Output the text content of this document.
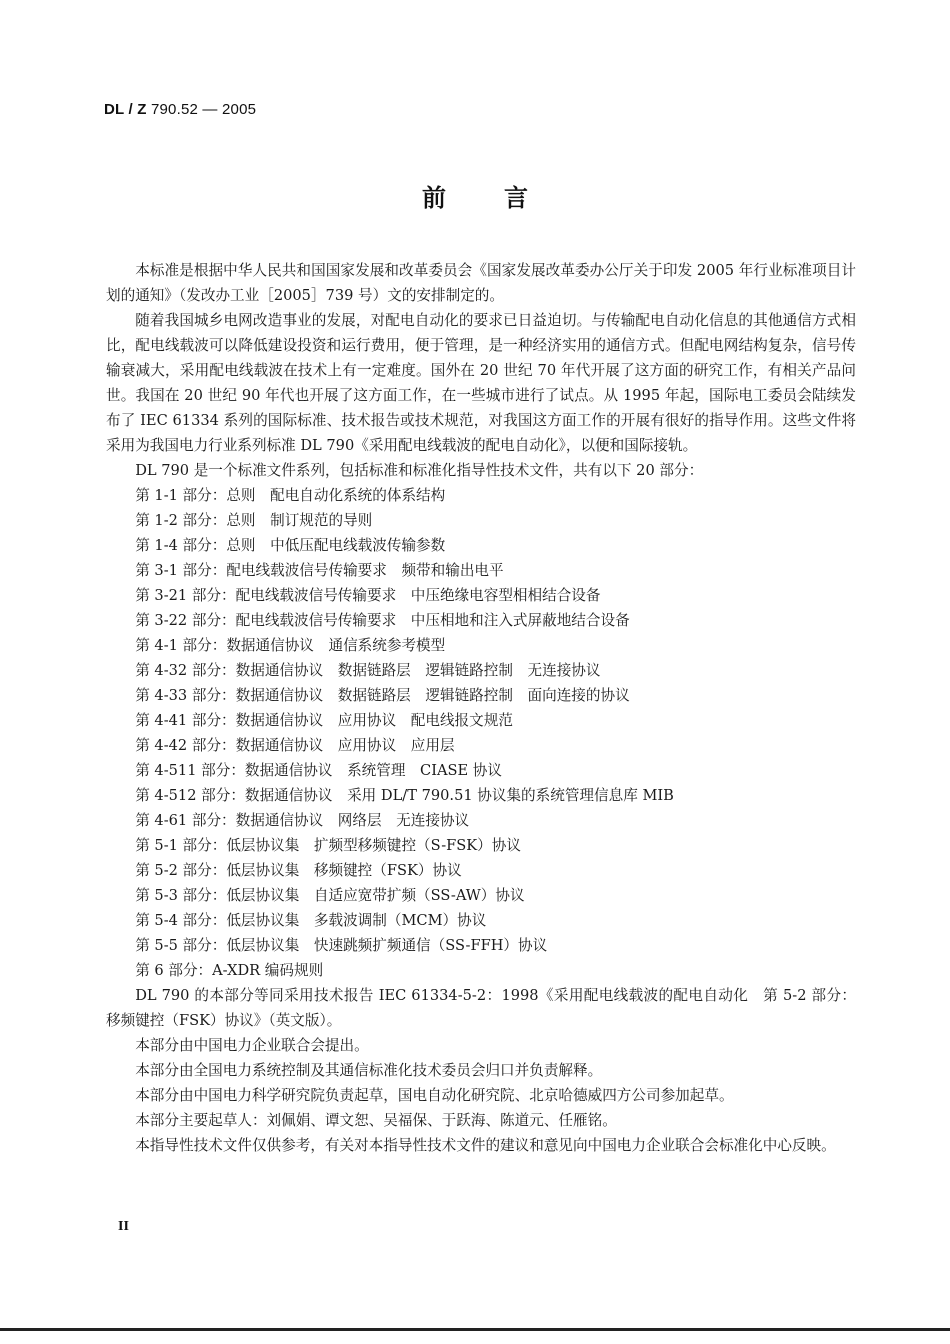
DL / Z 790.52 — 2005
前言

本标准是根据中华人民共和国国家发展和改革委员会《国家发展改革委办公厅关于印发 2005 年行业标准项目计划的通知》（发改办工业［2005］739 号）文的安排制定的。

随着我国城乡电网改造事业的发展，对配电自动化的要求已日益迫切。与传输配电自动化信息的其他通信方式相比，配电线载波可以降低建设投资和运行费用，便于管理，是一种经济实用的通信方式。但配电网结构复杂，信号传输衰减大，采用配电线载波在技术上有一定难度。国外在 20 世纪 70 年代开展了这方面的研究工作，有相关产品问世。我国在 20 世纪 90 年代也开展了这方面工作，在一些城市进行了试点。从 1995 年起，国际电工委员会陆续发布了 IEC 61334 系列的国际标准、技术报告或技术规范，对我国这方面工作的开展有很好的指导作用。这些文件将采用为我国电力行业系列标准 DL 790《采用配电线载波的配电自动化》，以便和国际接轨。

DL 790 是一个标准文件系列，包括标准和标准化指导性技术文件，共有以下 20 部分：

第 1-1 部分：总则　配电自动化系统的体系结构
第 1-2 部分：总则　制订规范的导则
第 1-4 部分：总则　中低压配电线载波传输参数
第 3-1 部分：配电线载波信号传输要求　频带和输出电平
第 3-21 部分：配电线载波信号传输要求　中压绝缘电容型相相结合设备
第 3-22 部分：配电线载波信号传输要求　中压相地和注入式屏蔽地结合设备
第 4-1 部分：数据通信协议　通信系统参考模型
第 4-32 部分：数据通信协议　数据链路层　逻辑链路控制　无连接协议
第 4-33 部分：数据通信协议　数据链路层　逻辑链路控制　面向连接的协议
第 4-41 部分：数据通信协议　应用协议　配电线报文规范
第 4-42 部分：数据通信协议　应用协议　应用层
第 4-511 部分：数据通信协议　系统管理　CIASE 协议
第 4-512 部分：数据通信协议　采用 DL/T 790.51 协议集的系统管理信息库 MIB
第 4-61 部分：数据通信协议　网络层　无连接协议
第 5-1 部分：低层协议集　扩频型移频键控（S-FSK）协议
第 5-2 部分：低层协议集　移频键控（FSK）协议
第 5-3 部分：低层协议集　自适应宽带扩频（SS-AW）协议
第 5-4 部分：低层协议集　多载波调制（MCM）协议
第 5-5 部分：低层协议集　快速跳频扩频通信（SS-FFH）协议
第 6 部分：A-XDR 编码规则

DL 790 的本部分等同采用技术报告 IEC 61334-5-2：1998《采用配电线载波的配电自动化　第 5-2 部分：移频键控（FSK）协议》（英文版）。

本部分由中国电力企业联合会提出。

本部分由全国电力系统控制及其通信标准化技术委员会归口并负责解释。

本部分由中国电力科学研究院负责起草，国电自动化研究院、北京哈德威四方公司参加起草。

本部分主要起草人：刘佩娟、谭文恕、吴福保、于跃海、陈道元、任雁铭。

本指导性技术文件仅供参考，有关对本指导性技术文件的建议和意见向中国电力企业联合会标准化中心反映。

II
